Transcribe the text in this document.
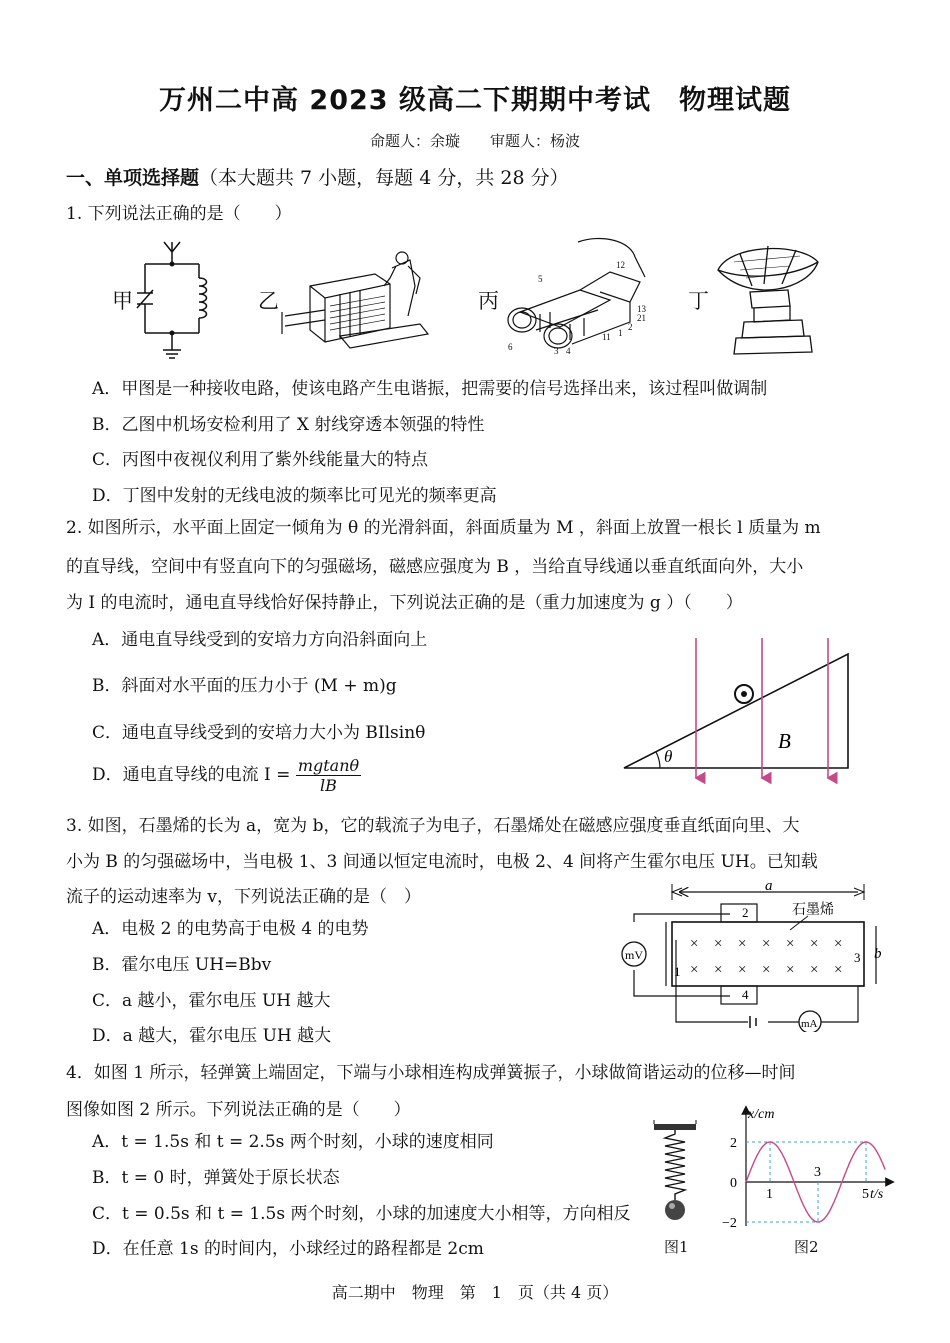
万州二中高 2023 级高二下期期中考试　物理试题
命题人：余璇　　审题人：杨波
一、单项选择题（本大题共 7 小题，每题 4 分，共 28 分）
1. 下列说法正确的是（　　）
甲	乙	丙	丁
12
5
13
21
2
1
11
6	3 4
A．甲图是一种接收电路，使该电路产生电谐振，把需要的信号选择出来，该过程叫做调制
B．乙图中机场安检利用了 X 射线穿透本领强的特性
C．丙图中夜视仪利用了紫外线能量大的特点
D．丁图中发射的无线电波的频率比可见光的频率更高
2. 如图所示，水平面上固定一倾角为 θ 的光滑斜面，斜面质量为 M ，斜面上放置一根长 l 质量为 m
的直导线，空间中有竖直向下的匀强磁场，磁感应强度为 B ，当给直导线通以垂直纸面向外，大小
为 I 的电流时，通电直导线恰好保持静止，下列说法正确的是（重力加速度为 g ）（　　）
A．通电直导线受到的安培力方向沿斜面向上
B．斜面对水平面的压力小于 (M + m)g
C．通电直导线受到的安培力大小为 BIlsinθ
D．通电直导线的电流 $I = \frac{mgtan\theta}{lB}$	θ
B
3. 如图，石墨烯的长为 a，宽为 b，它的载流子为电子，石墨烯处在磁感应强度垂直纸面向里、大
小为 B 的匀强磁场中，当电极 1、3 间通以恒定电流时，电极 2、4 间将产生霍尔电压 UH。已知载
流子的运动速率为 v，下列说法正确的是（　）
A．电极 2 的电势高于电极 4 的电势
B．霍尔电压 UH=Bbv
C．a 越小，霍尔电压 UH 越大
D．a 越大，霍尔电压 UH 越大
a
b
石墨烯
mV
mA
2
4
1
3
× × × × × × ×
× × × × × × ×
4．如图 1 所示，轻弹簧上端固定，下端与小球相连构成弹簧振子，小球做简谐运动的位移—时间
图像如图 2 所示。下列说法正确的是（　　）
A．t = 1.5s 和 t = 2.5s 两个时刻，小球的速度相同
B．t = 0 时，弹簧处于原长状态
C．t = 0.5s 和 t = 1.5s 两个时刻，小球的加速度大小相等，方向相反
D．在任意 1s 的时间内，小球经过的路程都是 2cm	图1
x/cm
t/s
1
3
5
2
0
−2
图2
高二期中　物理　第　1　页（共 4 页）
